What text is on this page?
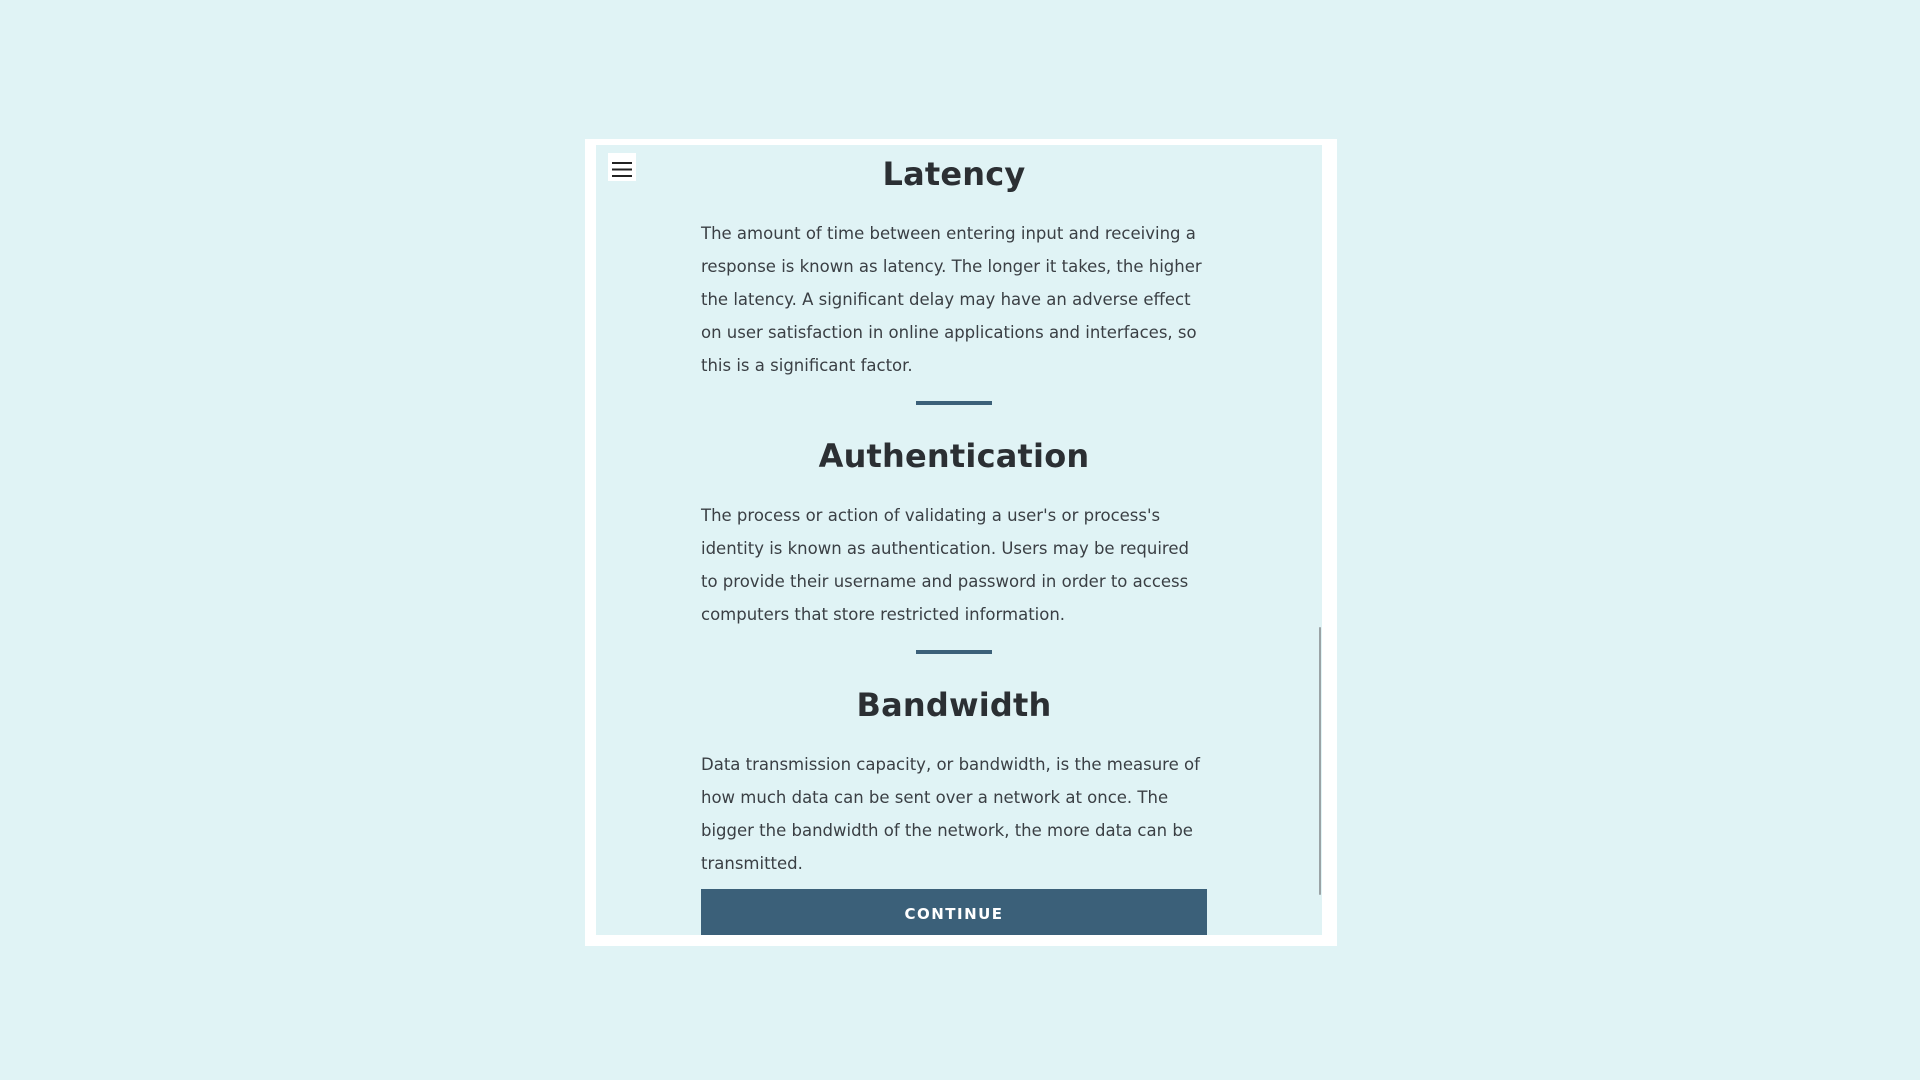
Latency

The amount of time between entering input and receiving a response is known as latency. The longer it takes, the higher the latency. A significant delay may have an adverse effect on user satisfaction in online applications and interfaces, so this is a significant factor.

Authentication

The process or action of validating a user's or process's identity is known as authentication. Users may be required to provide their username and password in order to access computers that store restricted information.

Bandwidth

Data transmission capacity, or bandwidth, is the measure of how much data can be sent over a network at once. The bigger the bandwidth of the network, the more data can be transmitted.

CONTINUE
